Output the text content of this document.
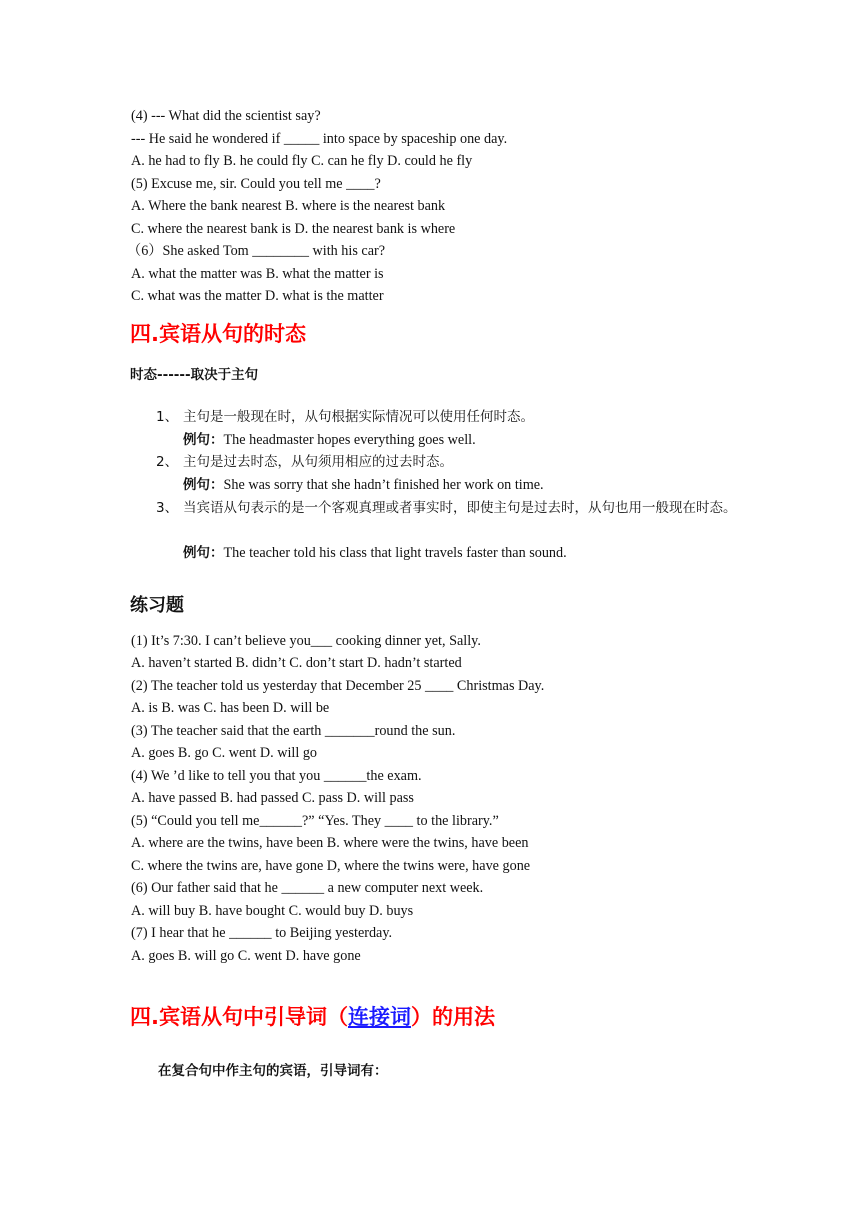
(4) --- What did the scientist say?
--- He said he wondered if _____ into space by spaceship one day.
A. he had to fly B. he could fly C. can he fly D. could he fly
(5) Excuse me, sir. Could you tell me ____?
A. Where the bank nearest B. where is the nearest bank
C. where the nearest bank is D. the nearest bank is where
（6）She asked Tom ________ with his car?
A. what the matter was B. what the matter is
C. what was the matter D. what is the matter
四.宾语从句的时态
时态------取决于主句
1、 主句是一般现在时，从句根据实际情况可以使用任何时态。
例句：The headmaster hopes everything goes well.
2、 主句是过去时态，从句须用相应的过去时态。
例句：She was sorry that she hadn’t finished her work on time.
3、 当宾语从句表示的是一个客观真理或者事实时，即使主句是过去时，从句也用一般现在时态。
例句：The teacher told his class that light travels faster than sound.
练习题
(1) It’s 7:30. I can’t believe you___ cooking dinner yet, Sally.
A. haven’t started B. didn’t C. don’t start D. hadn’t started
(2) The teacher told us yesterday that December 25 ____ Christmas Day.
A. is B. was C. has been D. will be
(3) The teacher said that the earth _______round the sun.
A. goes B. go C. went D. will go
(4) We ’d like to tell you that you ______the exam.
A. have passed B. had passed C. pass D. will pass
(5) “Could you tell me______?” “Yes. They ____ to the library.”
A. where are the twins, have been B. where were the twins, have been
C. where the twins are, have gone D, where the twins were, have gone
(6) Our father said that he ______ a new computer next week.
A. will buy B. have bought C. would buy D. buys
(7) I hear that he ______ to Beijing yesterday.
A. goes B. will go C. went D. have gone
四.宾语从句中引导词（连接词）的用法
在复合句中作主句的宾语，引导词有：
